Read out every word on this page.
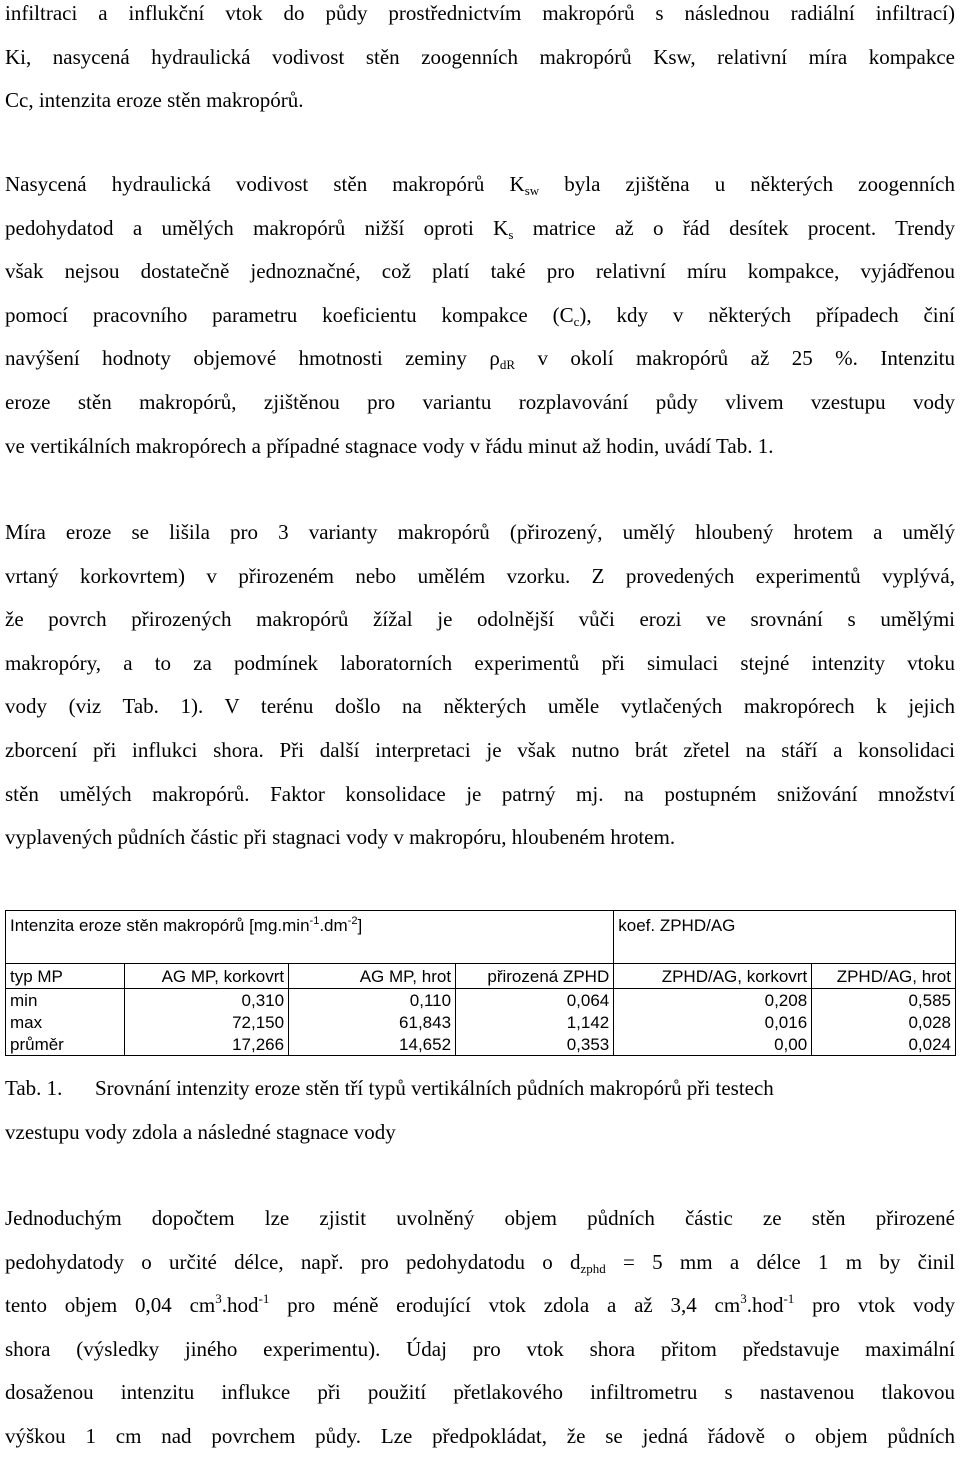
infiltraci a influkční vtok do půdy prostřednictvím makropórů s následnou radiální infiltrací)
Ki, nasycená hydraulická vodivost stěn zoogenních makropórů Ksw, relativní míra kompakce
Cc, intenzita eroze stěn makropórů.
Nasycená hydraulická vodivost stěn makropórů $K_{sw}$ byla zjištěna u některých zoogenních
pedohydatod a umělých makropórů nižší oproti $K_s$ matrice až o řád desítek procent. Trendy
však nejsou dostatečně jednoznačné, což platí také pro relativní míru kompakce, vyjádřenou
pomocí pracovního parametru koeficientu kompakce $(C_c)$, kdy v některých případech činí
navýšení hodnoty objemové hmotnosti zeminy $\rho_{dR}$ v okolí makropórů až 25 %. Intenzitu
eroze stěn makropórů, zjištěnou pro variantu rozplavování půdy vlivem vzestupu vody
ve vertikálních makropórech a případné stagnace vody v řádu minut až hodin, uvádí Tab. 1.
Míra eroze se lišila pro 3 varianty makropórů (přirozený, umělý hloubený hrotem a umělý
vrtaný korkovrtem) v přirozeném nebo umělém vzorku. Z provedených experimentů vyplývá,
že povrch přirozených makropórů žížal je odolnější vůči erozi ve srovnání s umělými
makropóry, a to za podmínek laboratorních experimentů při simulaci stejné intenzity vtoku
vody (viz Tab. 1). V terénu došlo na některých uměle vytlačených makropórech k jejich
zborcení při influkci shora. Při další interpretaci je však nutno brát zřetel na stáří a konsolidaci
stěn umělých makropórů. Faktor konsolidace je patrný mj. na postupném snižování množství
vyplavených půdních částic při stagnaci vody v makropóru, hloubeném hrotem.
Intenzita eroze stěn makropórů $[mg.\min^{-1}.dm^{-2}]$				koef. ZPHD/AG	
typ MP	AG MP, korkovrt	AG MP, hrot	přirozená ZPHD	ZPHD/AG, korkovrt	ZPHD/AG, hrot
min	0,310	0,110	0,064	0,208	0,585
max	72,150	61,843	1,142	0,016	0,028
průměr	17,266	14,652	0,353	0,00	0,024
Tab. 1. Srovnání intenzity eroze stěn tří typů vertikálních půdních makropórů při testech
vzestupu vody zdola a následné stagnace vody
Jednoduchým dopočtem lze zjistit uvolněný objem půdních částic ze stěn přirozené
pedohydatody o určité délce, např. pro pedohydatodu o $d_{zphd} = 5$ mm a délce 1 m by činil
tento objem 0,04 $cm^3.hod^{-1}$ pro méně erodující vtok zdola a až 3,4 $cm^3.hod^{-1}$ pro vtok vody
shora (výsledky jiného experimentu). Údaj pro vtok shora přitom představuje maximální
dosaženou intenzitu influkce při použití přetlakového infiltrometru s nastavenou tlakovou
výškou 1 cm nad povrchem půdy. Lze předpokládat, že se jedná řádově o objem půdních
